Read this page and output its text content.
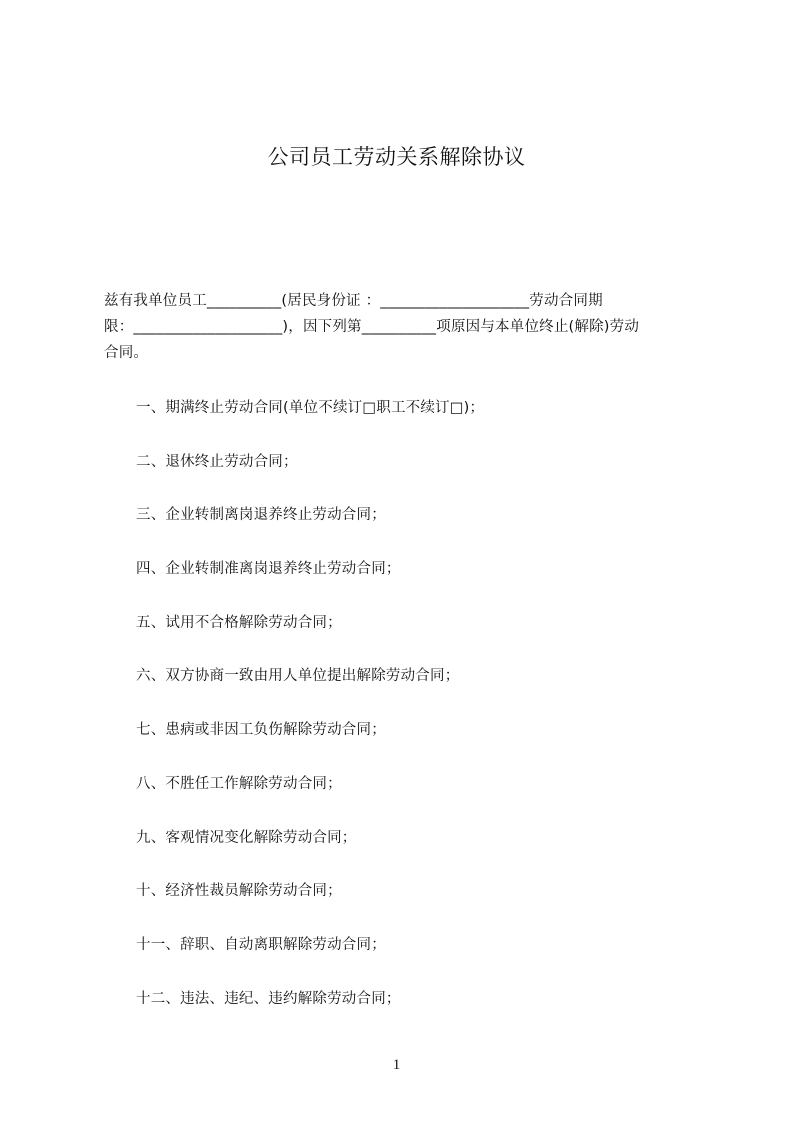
公司员工劳动关系解除协议
兹有我单位员工__________(居民身份证 ：____________________劳动合同期
限：____________________)，因下列第__________项原因与本单位终止(解除)劳动
合同。
一、期满终止劳动合同(单位不续订□职工不续订□)；
二、退休终止劳动合同；
三、企业转制离岗退养终止劳动合同；
四、企业转制准离岗退养终止劳动合同；
五、试用不合格解除劳动合同；
六、双方协商一致由用人单位提出解除劳动合同；
七、患病或非因工负伤解除劳动合同；
八、不胜任工作解除劳动合同；
九、客观情况变化解除劳动合同；
十、经济性裁员解除劳动合同；
十一、辞职、自动离职解除劳动合同；
十二、违法、违纪、违约解除劳动合同；
1
